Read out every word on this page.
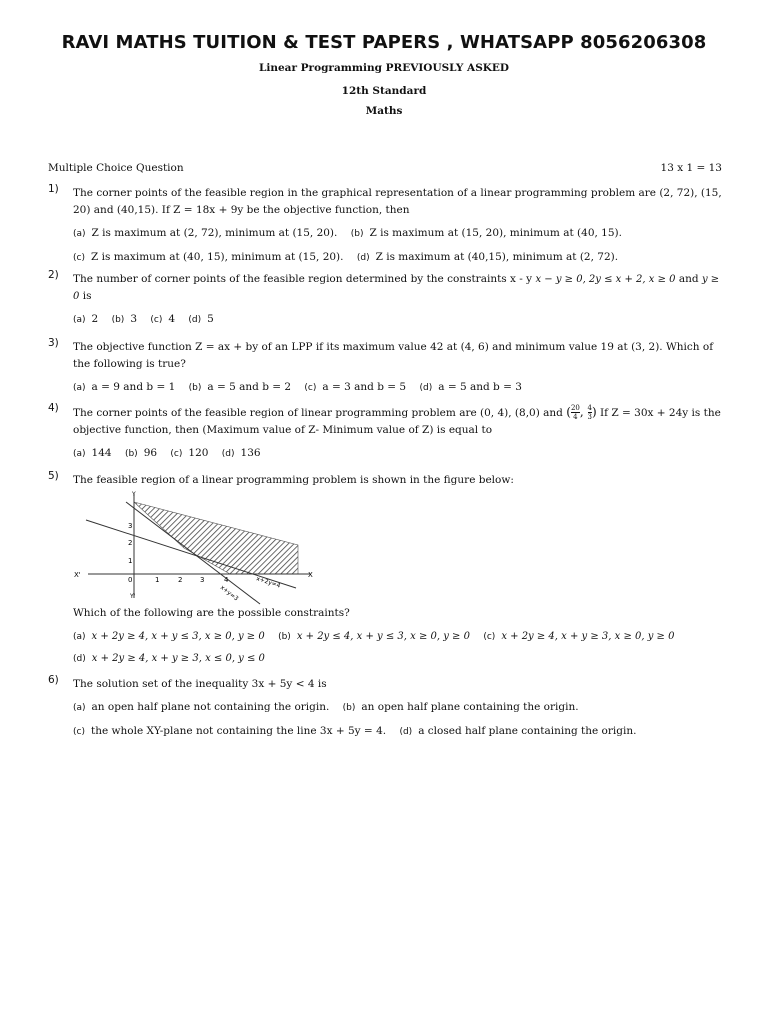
RAVI MATHS TUITION & TEST PAPERS , WHATSAPP 8056206308
Linear Programming PREVIOUSLY ASKED
12th Standard
Maths
Multiple Choice Question	13 x 1 = 13
1) The corner points of the feasible region in the graphical representation of a linear programming problem are (2, 72), (15, 20) and (40,15). If Z = 18x + 9y be the objective function, then
(a) Z is maximum at (2, 72), minimum at (15, 20). (b) Z is maximum at (15, 20), minimum at (40, 15).
(c) Z is maximum at (40, 15), minimum at (15, 20). (d) Z is maximum at (40,15), minimum at (2, 72).
2) The number of corner points of the feasible region determined by the constraints x - y x − y ≥ 0, 2y ≤ x + 2, x ≥ 0 and y ≥ 0 is
(a) 2 (b) 3 (c) 4 (d) 5
3) The objective function Z = ax + by of an LPP if its maximum value 42 at (4, 6) and minimum value 19 at (3, 2). Which of the following is true?
(a) a = 9 and b = 1 (b) a = 5 and b = 2 (c) a = 3 and b = 5 (d) a = 5 and b = 3
4) The corner points of the feasible region of linear programming problem are (0, 4), (8,0) and ( $\frac{20}{4}$ , $\frac{4}{3}$ ) If Z = 30x + 24y is the objective function, then (Maximum value of Z- Minimum value of Z) is equal to
(a) 144 (b) 96 (c) 120 (d) 136
5) The feasible region of a linear programming problem is shown in the figure below:
Y
Y'
X
X'
3
2
1
0	1	2	3	4	x+2y=4
x+y=3
Which of the following are the possible constraints?
(a) x + 2y ≥ 4, x + y ≤ 3, x ≥ 0, y ≥ 0 (b) x + 2y ≤ 4, x + y ≤ 3, x ≥ 0, y ≥ 0 (c) x + 2y ≥ 4, x + y ≥ 3, x ≥ 0, y ≥ 0
(d) x + 2y ≥ 4, x + y ≥ 3, x ≤ 0, y ≤ 0
6) The solution set of the inequality 3x + 5y < 4 is
(a) an open half plane not containing the origin. (b) an open half plane containing the origin.
(c) the whole XY-plane not containing the line 3x + 5y = 4. (d) a closed half plane containing the origin.
